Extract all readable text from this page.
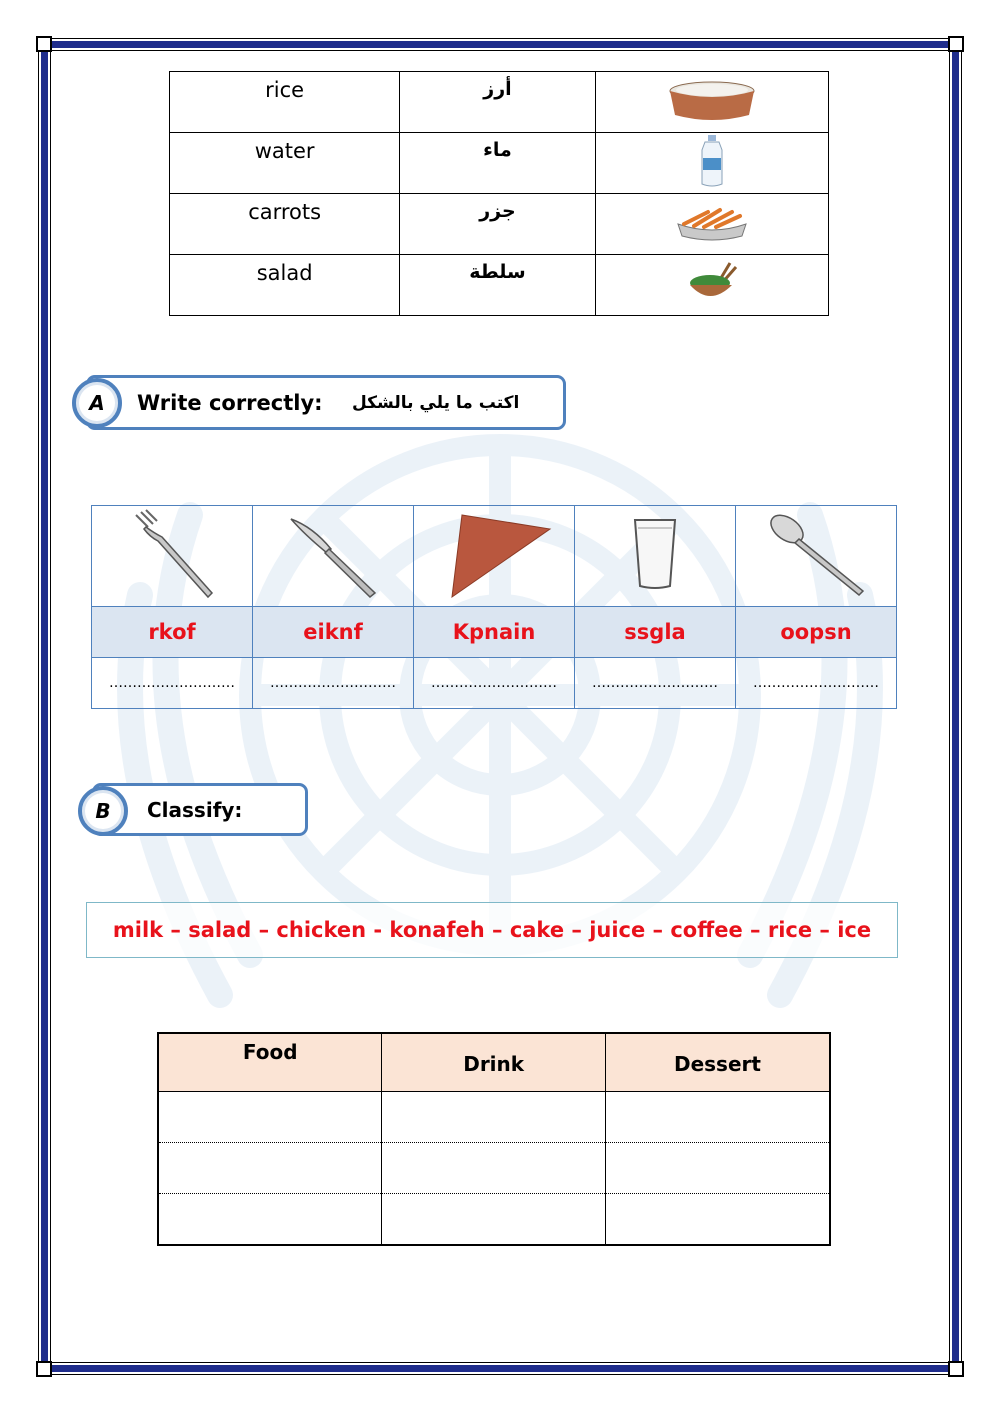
rice	أرز	
water	ماء	
carrots	جزر	
salad	سلطة	
A	Write correctly: اكتب ما يلي بالشكل

rkof	eiknf	Kpnain	ssgla	oopsn
………………………	………………………	………………………	………………………	………………………
B	Classify:
milk – salad – chicken - konafeh – cake – juice – coffee – rice – ice
Food	Drink	Dessert
